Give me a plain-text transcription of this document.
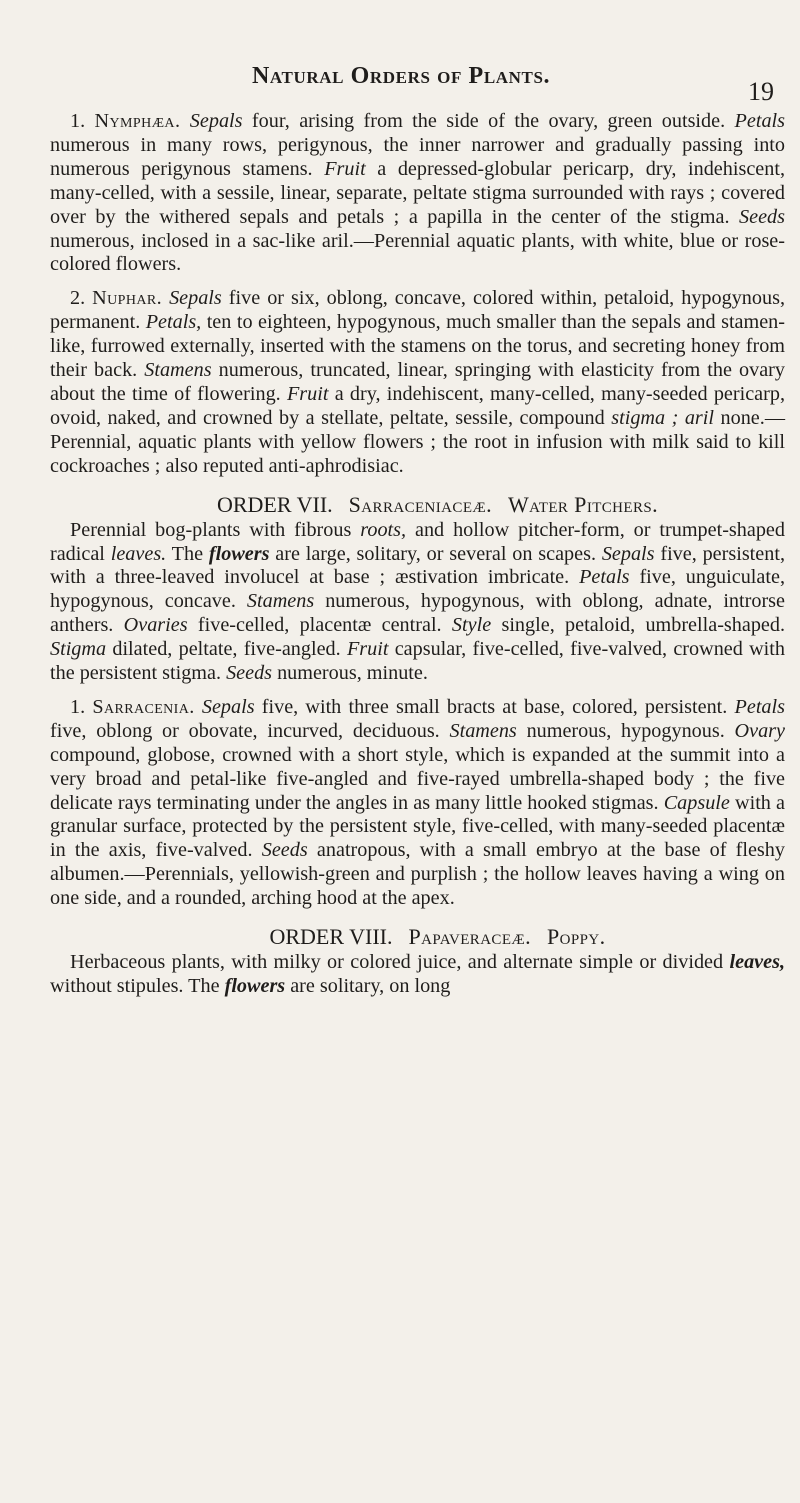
Natural Orders of Plants.
19

1. Nymphæa. Sepals four, arising from the side of the ovary, green outside. Petals numerous in many rows, perigynous, the inner narrower and gradually passing into numerous perigynous stamens. Fruit a depressed-globular pericarp, dry, indehiscent, many-celled, with a sessile, linear, separate, peltate stigma surrounded with rays ; covered over by the withered sepals and petals ; a papilla in the center of the stigma. Seeds numerous, inclosed in a sac-like aril.—Perennial aquatic plants, with white, blue or rose-colored flowers.

2. Nuphar. Sepals five or six, oblong, concave, colored within, petaloid, hypogynous, permanent. Petals, ten to eighteen, hypogynous, much smaller than the sepals and stamen-like, furrowed externally, inserted with the stamens on the torus, and secreting honey from their back. Stamens numerous, truncated, linear, springing with elasticity from the ovary about the time of flowering. Fruit a dry, indehiscent, many-celled, many-seeded pericarp, ovoid, naked, and crowned by a stellate, peltate, sessile, compound stigma ; aril none.—Perennial, aquatic plants with yellow flowers ; the root in infusion with milk said to kill cockroaches ; also reputed anti-aphrodisiac.

ORDER VII. Sarraceniaceæ. Water Pitchers.

Perennial bog-plants with fibrous roots, and hollow pitcher-form, or trumpet-shaped radical leaves. The flowers are large, solitary, or several on scapes. Sepals five, persistent, with a three-leaved involucel at base ; æstivation imbricate. Petals five, unguiculate, hypogynous, concave. Stamens numerous, hypogynous, with oblong, adnate, introrse anthers. Ovaries five-celled, placentæ central. Style single, petaloid, umbrella-shaped. Stigma dilated, peltate, five-angled. Fruit capsular, five-celled, five-valved, crowned with the persistent stigma. Seeds numerous, minute.

1. Sarracenia. Sepals five, with three small bracts at base, colored, persistent. Petals five, oblong or obovate, incurved, deciduous. Stamens numerous, hypogynous. Ovary compound, globose, crowned with a short style, which is expanded at the summit into a very broad and petal-like five-angled and five-rayed umbrella-shaped body ; the five delicate rays terminating under the angles in as many little hooked stigmas. Capsule with a granular surface, protected by the persistent style, five-celled, with many-seeded placentæ in the axis, five-valved. Seeds anatropous, with a small embryo at the base of fleshy albumen.—Perennials, yellowish-green and purplish ; the hollow leaves having a wing on one side, and a rounded, arching hood at the apex.

ORDER VIII. Papaveraceæ. Poppy.

Herbaceous plants, with milky or colored juice, and alternate simple or divided leaves, without stipules. The flowers are solitary, on long
